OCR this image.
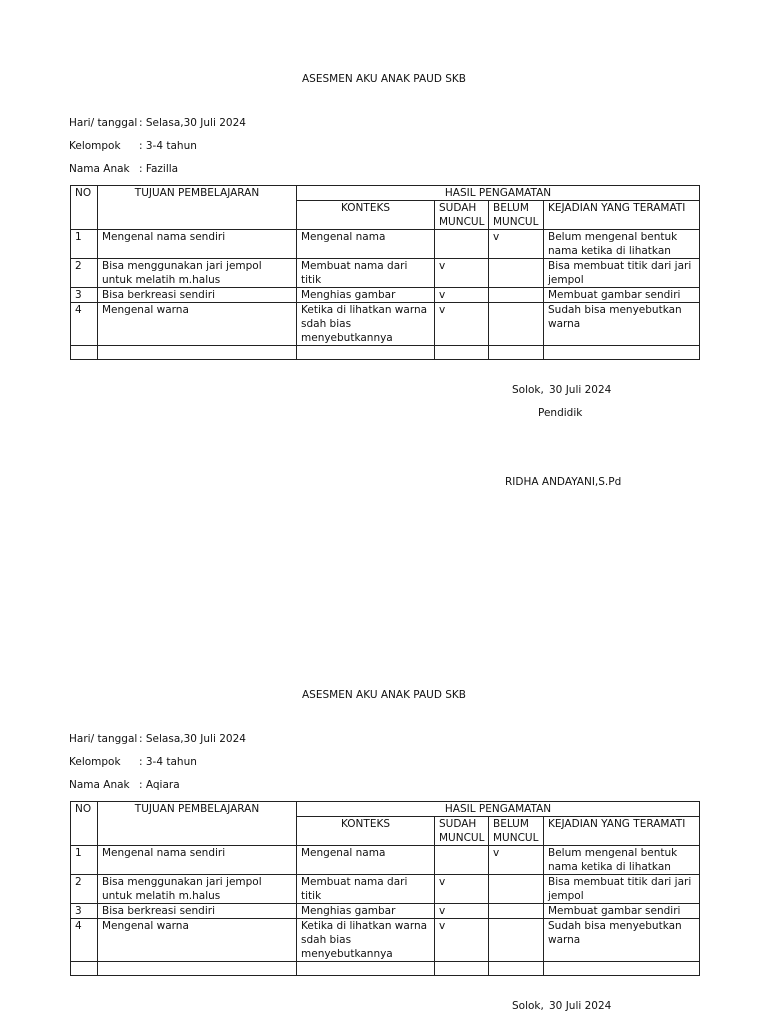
ASESMEN AKU ANAK PAUD SKB
Hari/ tanggal : Selasa,30 Juli 2024
Kelompok : 3-4 tahun
Nama Anak : Fazilla
NO	TUJUAN PEMBELAJARAN	HASIL PENGAMATAN			
		KONTEKS	SUDAH MUNCUL	BELUM MUNCUL	KEJADIAN YANG TERAMATI
1	Mengenal nama sendiri	Mengenal nama		v	Belum mengenal bentuk nama ketika di lihatkan
2	Bisa menggunakan jari jempol untuk melatih m.halus	Membuat nama dari titik	v		Bisa membuat titik dari jari jempol
3	Bisa berkreasi sendiri	Menghias gambar	v		Membuat gambar sendiri
4	Mengenal warna	Ketika di lihatkan warna sdah bias menyebutkannya	v		Sudah bisa menyebutkan warna

Solok, 30 Juli 2024
Pendidik
RIDHA ANDAYANI,S.Pd
ASESMEN AKU ANAK PAUD SKB
Hari/ tanggal : Selasa,30 Juli 2024
Kelompok : 3-4 tahun
Nama Anak : Aqiara
NO	TUJUAN PEMBELAJARAN	HASIL PENGAMATAN			
		KONTEKS	SUDAH MUNCUL	BELUM MUNCUL	KEJADIAN YANG TERAMATI
1	Mengenal nama sendiri	Mengenal nama		v	Belum mengenal bentuk nama ketika di lihatkan
2	Bisa menggunakan jari jempol untuk melatih m.halus	Membuat nama dari titik	v		Bisa membuat titik dari jari jempol
3	Bisa berkreasi sendiri	Menghias gambar	v		Membuat gambar sendiri
4	Mengenal warna	Ketika di lihatkan warna sdah bias menyebutkannya	v		Sudah bisa menyebutkan warna

Solok, 30 Juli 2024
